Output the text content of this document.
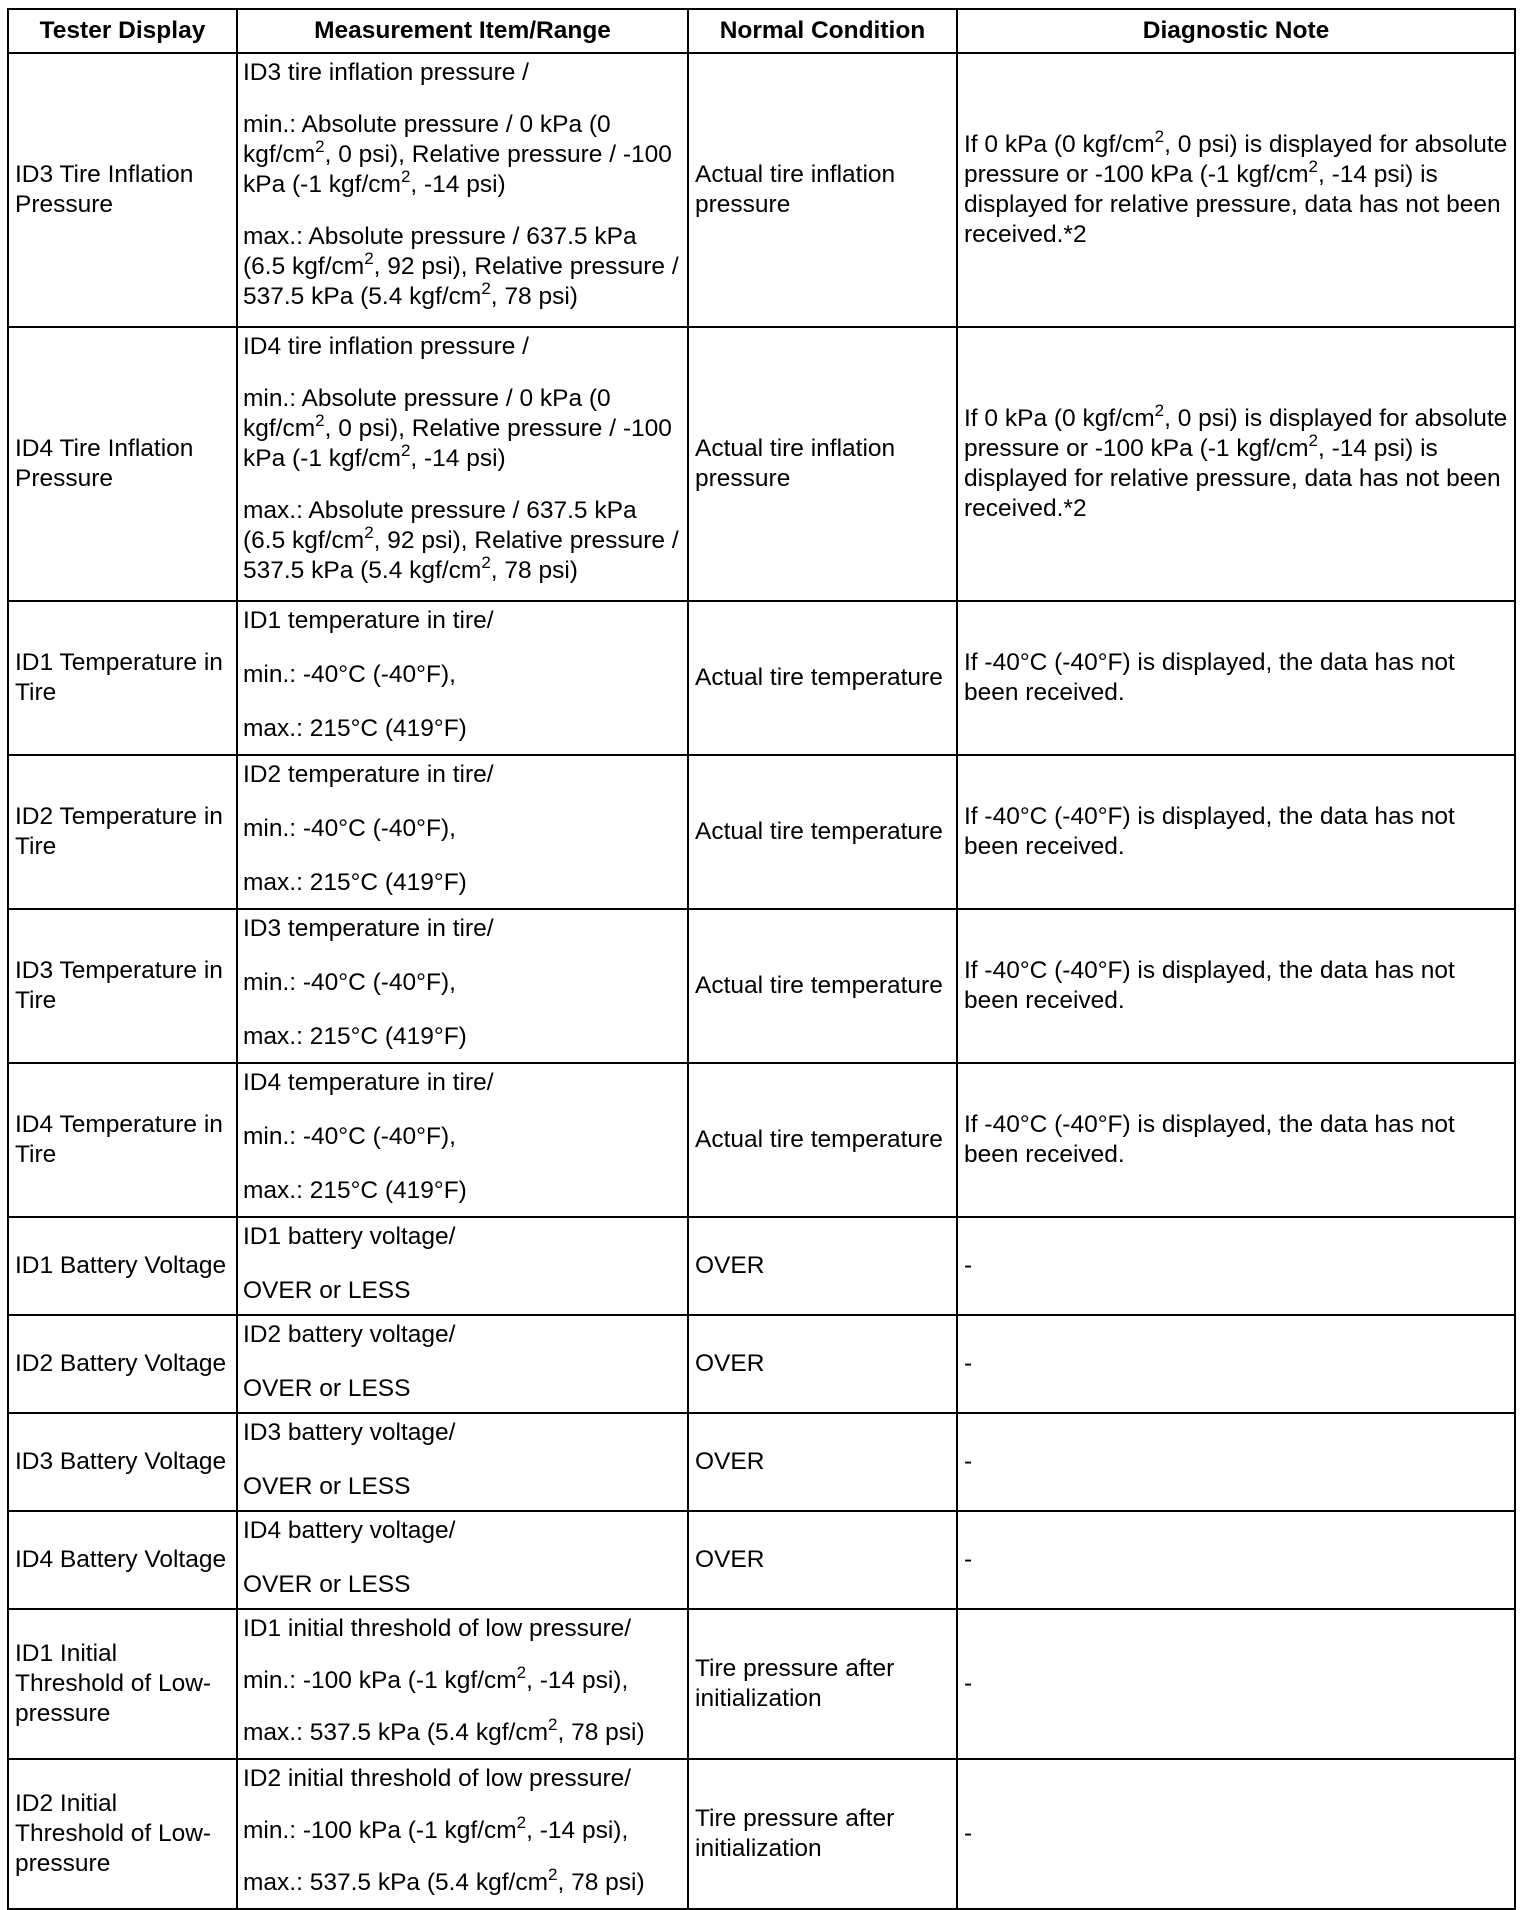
Tester Display	Measurement Item/Range	Normal Condition	Diagnostic Note
ID3 Tire Inflation Pressure	ID3 tire inflation pressure /

min.: Absolute pressure / 0 kPa (0 kgf/$cm^2$, 0 psi), Relative pressure / -100 kPa (-1 kgf/$cm^2$, -14 psi)

max.: Absolute pressure / 637.5 kPa (6.5 kgf/$cm^2$, 92 psi), Relative pressure / 537.5 kPa (5.4 kgf/$cm^2$, 78 psi)	Actual tire inflation pressure	If 0 kPa (0 kgf/$cm^2$, 0 psi) is displayed for absolute pressure or -100 kPa (-1 kgf/$cm^2$, -14 psi) is displayed for relative pressure, data has not been received.*2
ID4 Tire Inflation Pressure	ID4 tire inflation pressure /

min.: Absolute pressure / 0 kPa (0 kgf/$cm^2$, 0 psi), Relative pressure / -100 kPa (-1 kgf/$cm^2$, -14 psi)

max.: Absolute pressure / 637.5 kPa (6.5 kgf/$cm^2$, 92 psi), Relative pressure / 537.5 kPa (5.4 kgf/$cm^2$, 78 psi)	Actual tire inflation pressure	If 0 kPa (0 kgf/$cm^2$, 0 psi) is displayed for absolute pressure or -100 kPa (-1 kgf/$cm^2$, -14 psi) is displayed for relative pressure, data has not been received.*2
ID1 Temperature in Tire	ID1 temperature in tire/

min.: -40°C (-40°F),

max.: 215°C (419°F)	Actual tire temperature	If -40°C (-40°F) is displayed, the data has not been received.
ID2 Temperature in Tire	ID2 temperature in tire/

min.: -40°C (-40°F),

max.: 215°C (419°F)	Actual tire temperature	If -40°C (-40°F) is displayed, the data has not been received.
ID3 Temperature in Tire	ID3 temperature in tire/

min.: -40°C (-40°F),

max.: 215°C (419°F)	Actual tire temperature	If -40°C (-40°F) is displayed, the data has not been received.
ID4 Temperature in Tire	ID4 temperature in tire/

min.: -40°C (-40°F),

max.: 215°C (419°F)	Actual tire temperature	If -40°C (-40°F) is displayed, the data has not been received.
ID1 Battery Voltage	ID1 battery voltage/

OVER or LESS	OVER	-
ID2 Battery Voltage	ID2 battery voltage/

OVER or LESS	OVER	-
ID3 Battery Voltage	ID3 battery voltage/

OVER or LESS	OVER	-
ID4 Battery Voltage	ID4 battery voltage/

OVER or LESS	OVER	-
ID1 Initial Threshold of Low-pressure	ID1 initial threshold of low pressure/

min.: -100 kPa (-1 kgf/$cm^2$, -14 psi),

max.: 537.5 kPa (5.4 kgf/$cm^2$, 78 psi)	Tire pressure after initialization	-
ID2 Initial Threshold of Low-pressure	ID2 initial threshold of low pressure/

min.: -100 kPa (-1 kgf/$cm^2$, -14 psi),

max.: 537.5 kPa (5.4 kgf/$cm^2$, 78 psi)	Tire pressure after initialization	-
